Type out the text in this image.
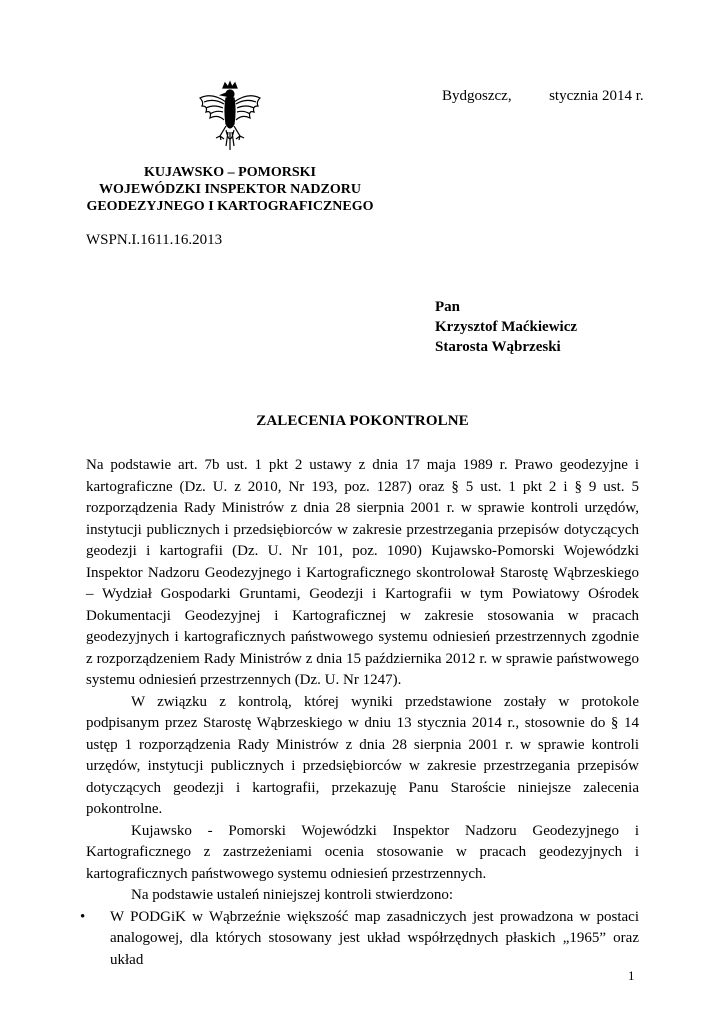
Bydgoszcz,          stycznia 2014 r.
KUJAWSKO – POMORSKI
WOJEWÓDZKI INSPEKTOR NADZORU
GEODEZYJNEGO I KARTOGRAFICZNEGO
WSPN.I.1611.16.2013
Pan
Krzysztof Maćkiewicz
Starosta Wąbrzeski
ZALECENIA POKONTROLNE

Na podstawie art. 7b ust. 1 pkt 2 ustawy z dnia 17 maja 1989 r. Prawo geodezyjne i kartograficzne (Dz. U. z 2010, Nr 193, poz. 1287) oraz § 5 ust. 1 pkt 2 i § 9 ust. 5 rozporządzenia Rady Ministrów z dnia 28 sierpnia 2001 r. w sprawie kontroli urzędów, instytucji publicznych i przedsiębiorców w zakresie przestrzegania przepisów dotyczących geodezji i kartografii (Dz. U. Nr 101, poz. 1090) Kujawsko-Pomorski Wojewódzki Inspektor Nadzoru Geodezyjnego i Kartograficznego skontrolował Starostę Wąbrzeskiego – Wydział Gospodarki Gruntami, Geodezji i Kartografii w tym Powiatowy Ośrodek Dokumentacji Geodezyjnej i Kartograficznej w zakresie stosowania w pracach geodezyjnych i kartograficznych państwowego systemu odniesień przestrzennych zgodnie z rozporządzeniem Rady Ministrów z dnia 15 października 2012 r. w sprawie państwowego systemu odniesień przestrzennych (Dz. U. Nr 1247).

W związku z kontrolą, której wyniki przedstawione zostały w protokole podpisanym przez Starostę Wąbrzeskiego w dniu 13 stycznia 2014 r., stosownie do § 14 ustęp 1 rozporządzenia Rady Ministrów z dnia 28 sierpnia 2001 r. w sprawie kontroli urzędów, instytucji publicznych i przedsiębiorców w zakresie przestrzegania przepisów dotyczących geodezji i kartografii, przekazuję Panu Staroście niniejsze zalecenia pokontrolne.

Kujawsko - Pomorski Wojewódzki Inspektor Nadzoru Geodezyjnego i Kartograficznego z zastrzeżeniami ocenia stosowanie w pracach geodezyjnych i kartograficznych państwowego systemu odniesień przestrzennych.

Na podstawie ustaleń niniejszej kontroli stwierdzono:

• W PODGiK w Wąbrzeźnie większość map zasadniczych jest prowadzona w postaci analogowej, dla których stosowany jest układ współrzędnych płaskich „1965” oraz układ
1
